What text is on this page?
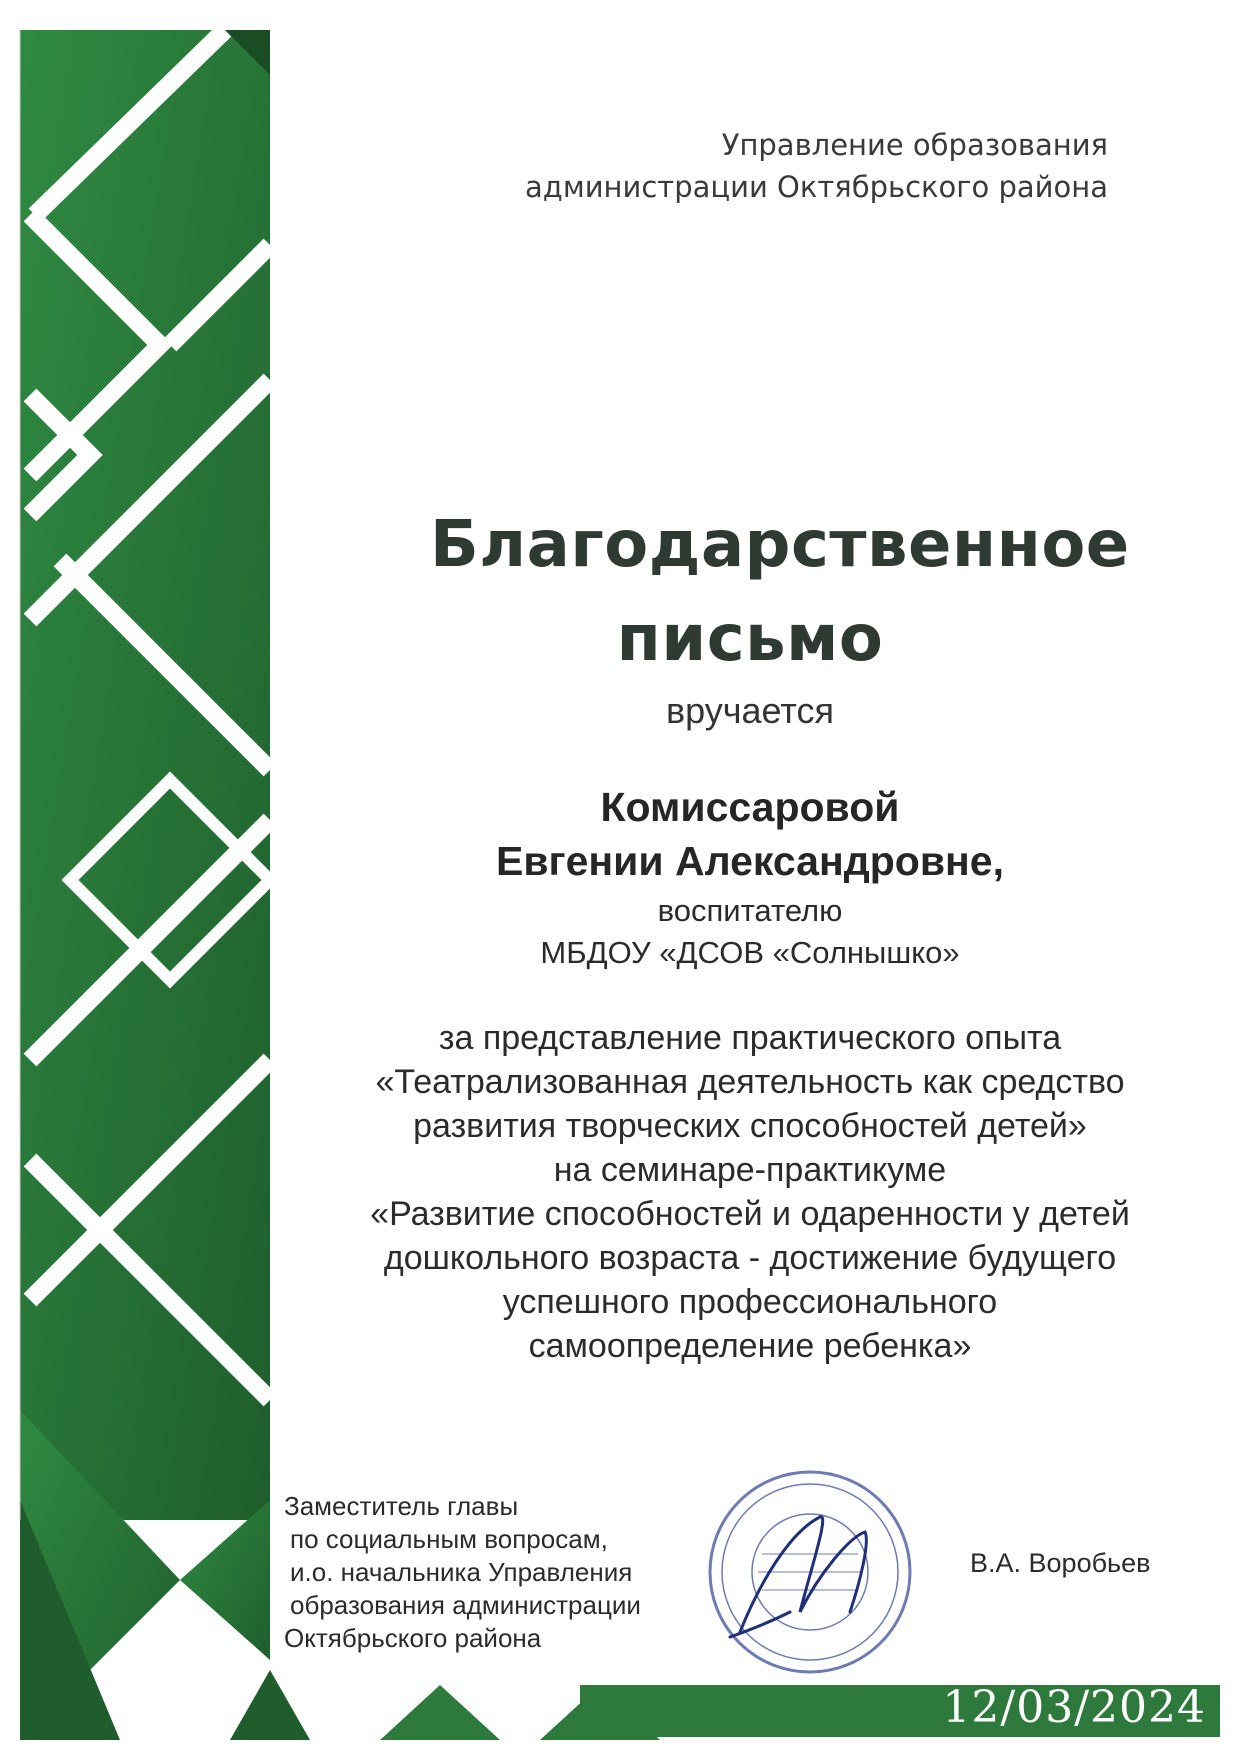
Управление образования
администрации Октябрьского района
Благодарственное
письмо
вручается
Комиссаровой
Евгении Александровне,
воспитателю
МБДОУ «ДСОВ «Солнышко»
за представление практического опыта
«Театрализованная деятельность как средство
развития творческих способностей детей»
на семинаре-практикуме
«Развитие способностей и одаренности у детей
дошкольного возраста - достижение будущего
успешного профессионального
самоопределение ребенка»
Заместитель главы
по социальным вопросам,
и.о. начальника Управления
образования администрации
Октябрьского района
В.А. Воробьев
12/03/2024
